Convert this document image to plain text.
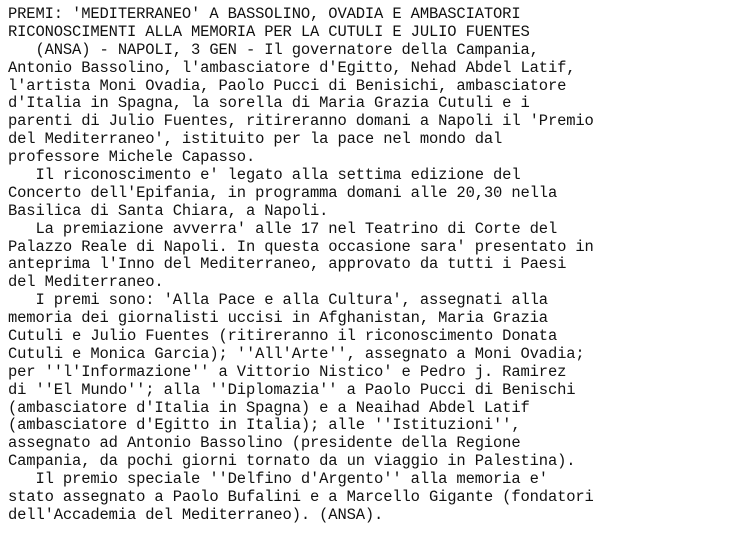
PREMI: 'MEDITERRANEO' A BASSOLINO, OVADIA E AMBASCIATORI
RICONOSCIMENTI ALLA MEMORIA PER LA CUTULI E JULIO FUENTES
(ANSA) - NAPOLI, 3 GEN - Il governatore della Campania,
Antonio Bassolino, l'ambasciatore d'Egitto, Nehad Abdel Latif,
l'artista Moni Ovadia, Paolo Pucci di Benisichi, ambasciatore
d'Italia in Spagna, la sorella di Maria Grazia Cutuli e i
parenti di Julio Fuentes, ritireranno domani a Napoli il 'Premio
del Mediterraneo', istituito per la pace nel mondo dal
professore Michele Capasso.
Il riconoscimento e' legato alla settima edizione del
Concerto dell'Epifania, in programma domani alle 20,30 nella
Basilica di Santa Chiara, a Napoli.
La premiazione avverra' alle 17 nel Teatrino di Corte del
Palazzo Reale di Napoli. In questa occasione sara' presentato in
anteprima l'Inno del Mediterraneo, approvato da tutti i Paesi
del Mediterraneo.
I premi sono: 'Alla Pace e alla Cultura', assegnati alla
memoria dei giornalisti uccisi in Afghanistan, Maria Grazia
Cutuli e Julio Fuentes (ritireranno il riconoscimento Donata
Cutuli e Monica Garcia); ''All'Arte'', assegnato a Moni Ovadia;
per ''l'Informazione'' a Vittorio Nistico' e Pedro j. Ramirez
di ''El Mundo''; alla ''Diplomazia'' a Paolo Pucci di Benischi
(ambasciatore d'Italia in Spagna) e a Neaihad Abdel Latif
(ambasciatore d'Egitto in Italia); alle ''Istituzioni'',
assegnato ad Antonio Bassolino (presidente della Regione
Campania, da pochi giorni tornato da un viaggio in Palestina).
Il premio speciale ''Delfino d'Argento'' alla memoria e'
stato assegnato a Paolo Bufalini e a Marcello Gigante (fondatori
dell'Accademia del Mediterraneo). (ANSA).
